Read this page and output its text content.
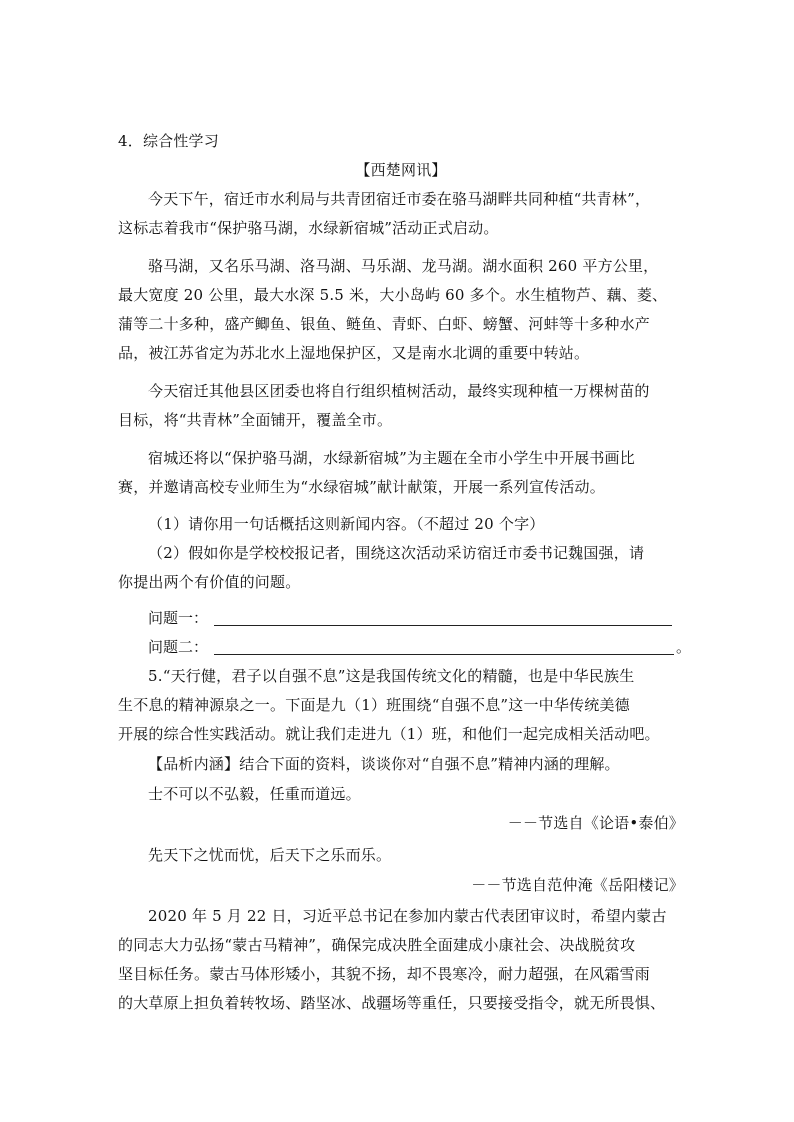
4．综合性学习
【西楚网讯】
今天下午，宿迁市水利局与共青团宿迁市委在骆马湖畔共同种植“共青林”，
这标志着我市“保护骆马湖，水绿新宿城”活动正式启动。
骆马湖，又名乐马湖、洛马湖、马乐湖、龙马湖。湖水面积 260 平方公里，
最大宽度 20 公里，最大水深 5.5 米，大小岛屿 60 多个。水生植物芦、藕、菱、
蒲等二十多种，盛产鲫鱼、银鱼、鲢鱼、青虾、白虾、螃蟹、河蚌等十多种水产
品，被江苏省定为苏北水上湿地保护区，又是南水北调的重要中转站。
今天宿迁其他县区团委也将自行组织植树活动，最终实现种植一万棵树苗的
目标，将“共青林”全面铺开，覆盖全市。
宿城还将以“保护骆马湖，水绿新宿城”为主题在全市小学生中开展书画比
赛，并邀请高校专业师生为“水绿宿城”献计献策，开展一系列宣传活动。
（1）请你用一句话概括这则新闻内容。（不超过 20 个字）
（2）假如你是学校校报记者，围绕这次活动采访宿迁市委书记魏国强，请
你提出两个有价值的问题。
问题一：
问题二：	。
5.“天行健，君子以自强不息”这是我国传统文化的精髓，也是中华民族生
生不息的精神源泉之一。下面是九（1）班围绕“自强不息”这一中华传统美德
开展的综合性实践活动。就让我们走进九（1）班，和他们一起完成相关活动吧。
【品析内涵】结合下面的资料，谈谈你对“自强不息”精神内涵的理解。
士不可以不弘毅，任重而道远。
－－节选自《论语•泰伯》
先天下之忧而忧，后天下之乐而乐。
－－节选自范仲淹《岳阳楼记》
2020 年 5 月 22 日，习近平总书记在参加内蒙古代表团审议时，希望内蒙古
的同志大力弘扬“蒙古马精神”，确保完成决胜全面建成小康社会、决战脱贫攻
坚目标任务。蒙古马体形矮小，其貌不扬，却不畏寒冷，耐力超强，在风霜雪雨
的大草原上担负着转牧场、踏坚冰、战疆场等重任，只要接受指令，就无所畏惧、
